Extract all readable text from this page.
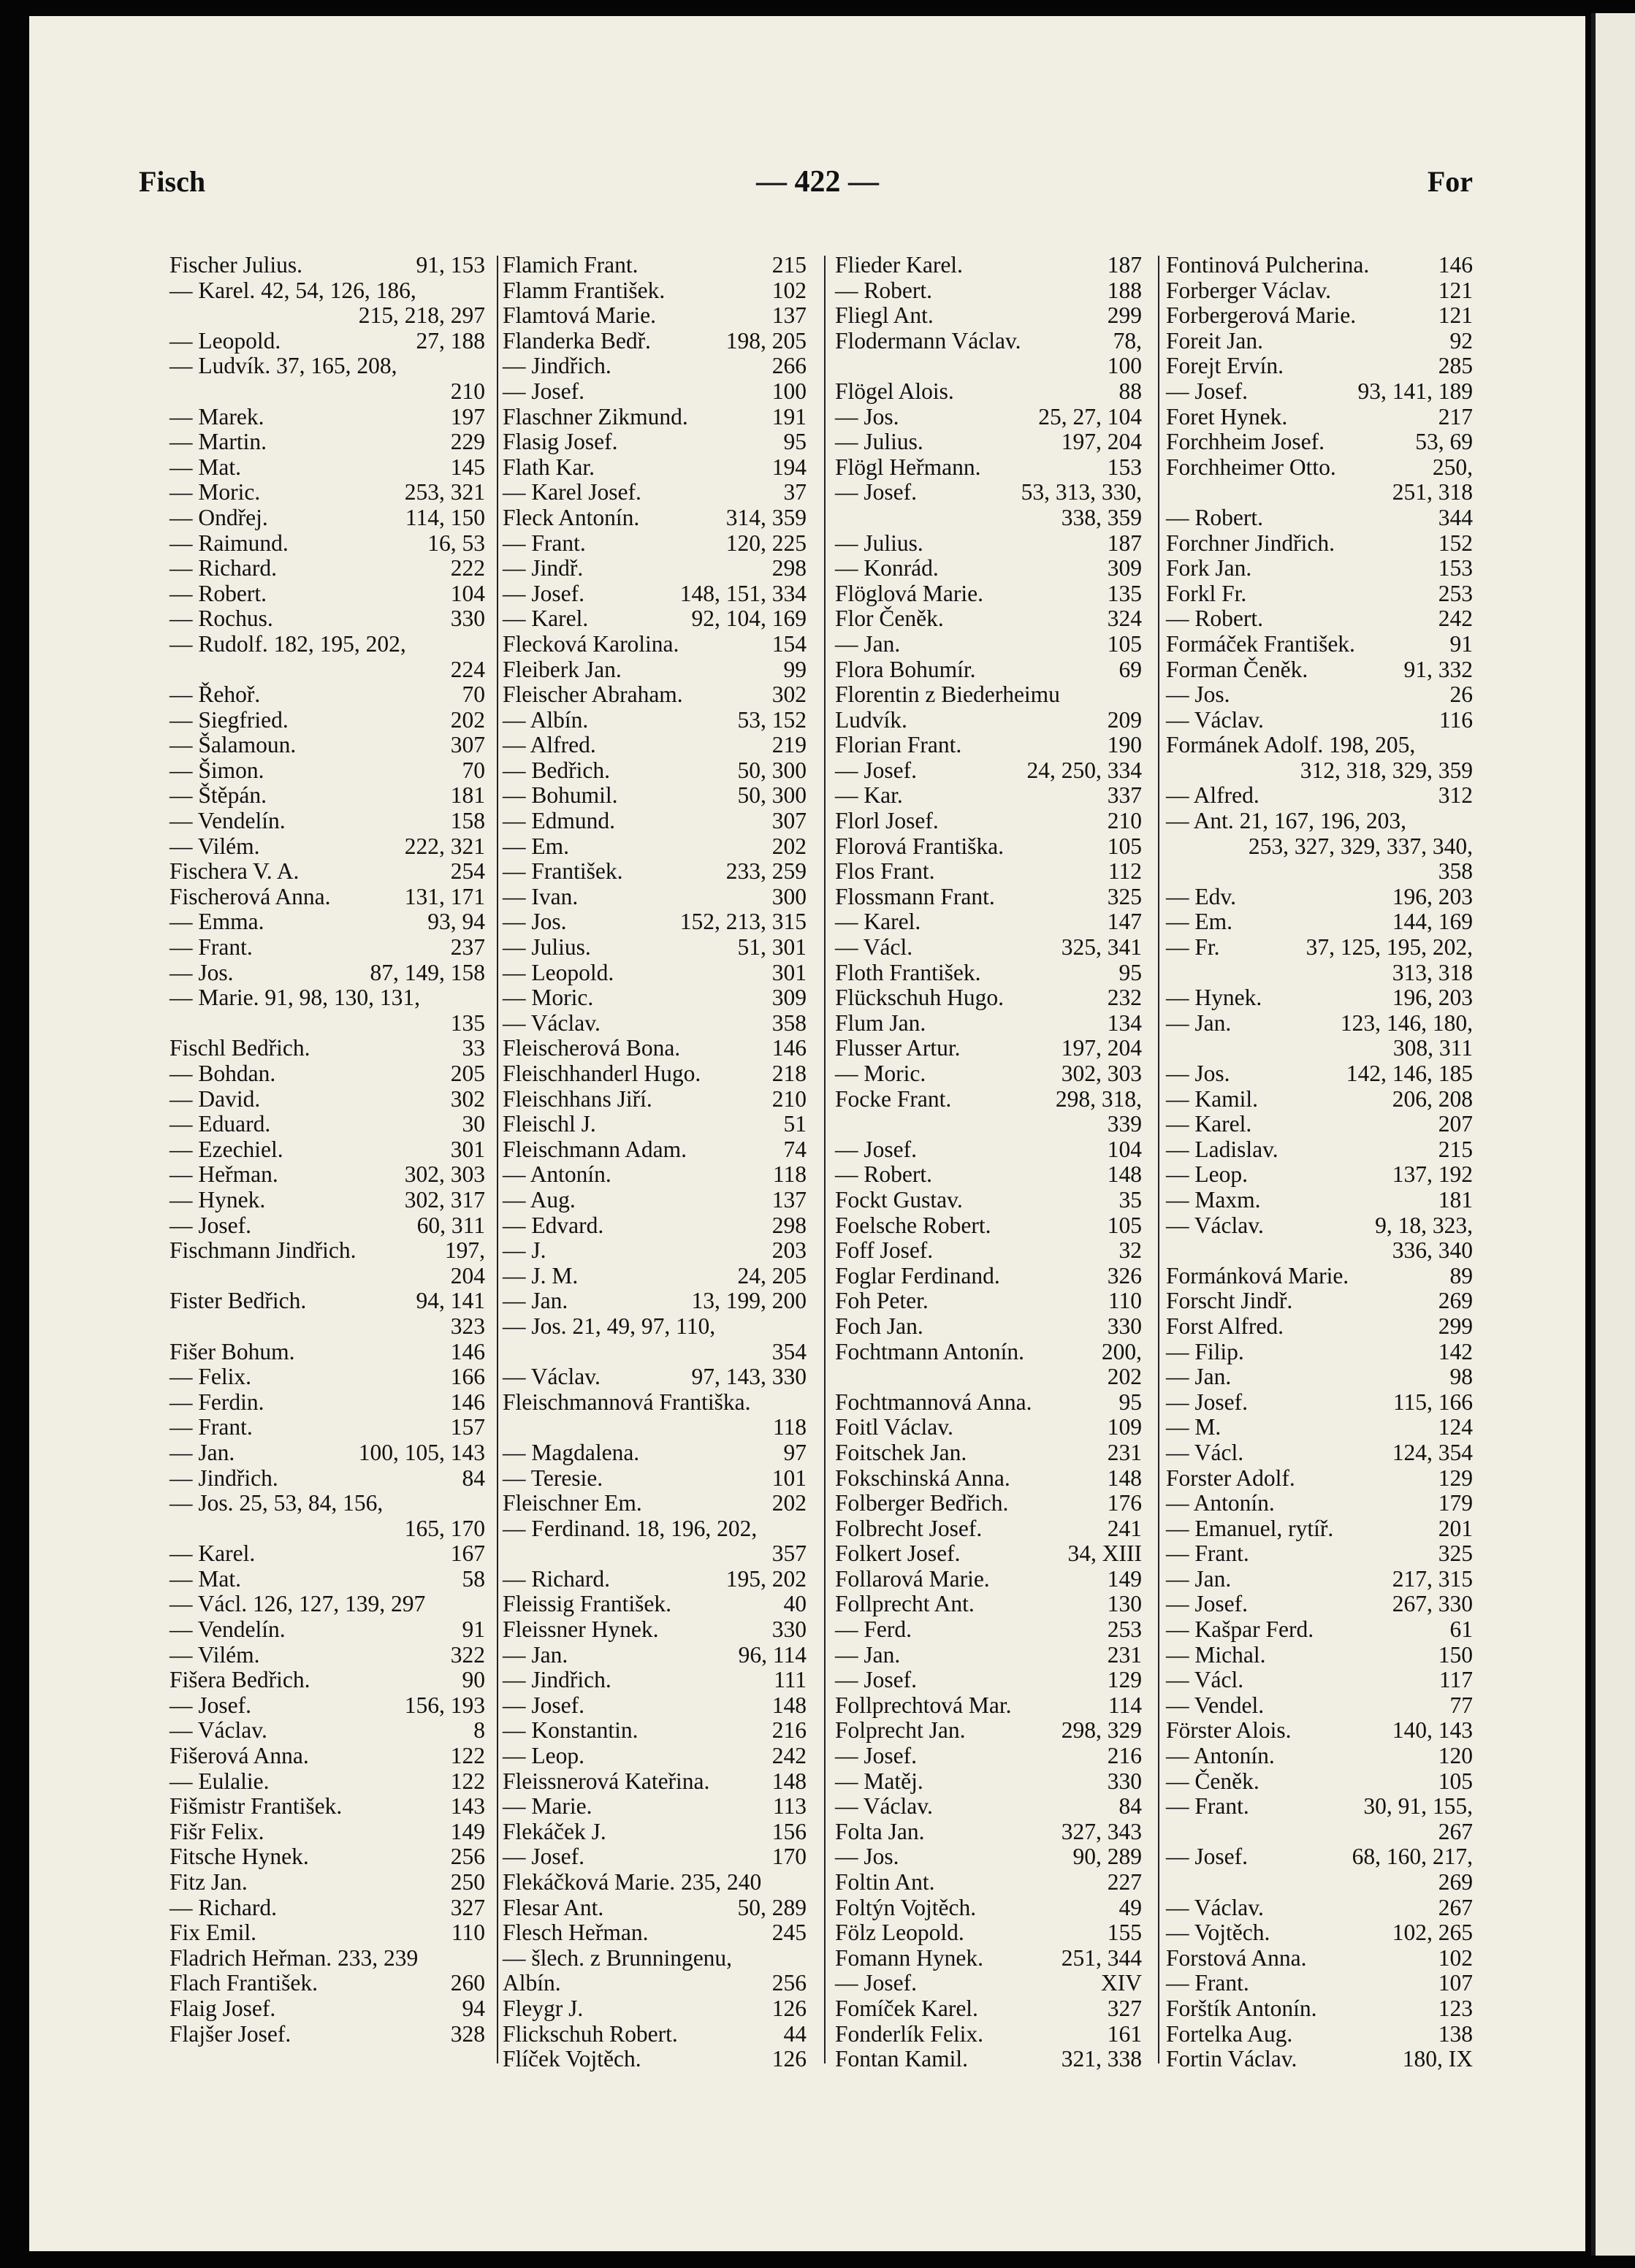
Fisch	— 422 —	For
Fischer Julius.	91, 153
— Karel. 42, 54, 126, 186,
215, 218, 297
— Leopold.	27, 188
— Ludvík. 37, 165, 208,
210
— Marek.	197
— Martin.	229
— Mat.	145
— Moric.	253, 321
— Ondřej.	114, 150
— Raimund.	16, 53
— Richard.	222
— Robert.	104
— Rochus.	330
— Rudolf. 182, 195, 202,
224
— Řehoř.	70
— Siegfried.	202
— Šalamoun.	307
— Šimon.	70
— Štěpán.	181
— Vendelín.	158
— Vilém.	222, 321
Fischera V. A.	254
Fischerová Anna.	131, 171
— Emma.	93, 94
— Frant.	237
— Jos.	87, 149, 158
— Marie. 91, 98, 130, 131,
135
Fischl Bedřich.	33
— Bohdan.	205
— David.	302
— Eduard.	30
— Ezechiel.	301
— Heřman.	302, 303
— Hynek.	302, 317
— Josef.	60, 311
Fischmann Jindřich.	197,
204
Fister Bedřich.	94, 141
323
Fišer Bohum.	146
— Felix.	166
— Ferdin.	146
— Frant.	157
— Jan.	100, 105, 143
— Jindřich.	84
— Jos. 25, 53, 84, 156,
165, 170
— Karel.	167
— Mat.	58
— Václ. 126, 127, 139, 297
— Vendelín.	91
— Vilém.	322
Fišera Bedřich.	90
— Josef.	156, 193
— Václav.	8
Fišerová Anna.	122
— Eulalie.	122
Fišmistr František.	143
Fišr Felix.	149
Fitsche Hynek.	256
Fitz Jan.	250
— Richard.	327
Fix Emil.	110
Fladrich Heřman. 233, 239
Flach František.	260
Flaig Josef.	94
Flajšer Josef.	328
Flamich Frant.	215
Flamm František.	102
Flamtová Marie.	137
Flanderka Bedř.	198, 205
— Jindřich.	266
— Josef.	100
Flaschner Zikmund.	191
Flasig Josef.	95
Flath Kar.	194
— Karel Josef.	37
Fleck Antonín.	314, 359
— Frant.	120, 225
— Jindř.	298
— Josef.	148, 151, 334
— Karel.	92, 104, 169
Flecková Karolina.	154
Fleiberk Jan.	99
Fleischer Abraham.	302
— Albín.	53, 152
— Alfred.	219
— Bedřich.	50, 300
— Bohumil.	50, 300
— Edmund.	307
— Em.	202
— František.	233, 259
— Ivan.	300
— Jos.	152, 213, 315
— Julius.	51, 301
— Leopold.	301
— Moric.	309
— Václav.	358
Fleischerová Bona.	146
Fleischhanderl Hugo.	218
Fleischhans Jiří.	210
Fleischl J.	51
Fleischmann Adam.	74
— Antonín.	118
— Aug.	137
— Edvard.	298
— J.	203
— J. M.	24, 205
— Jan.	13, 199, 200
— Jos. 21, 49, 97, 110,
354
— Václav.	97, 143, 330
Fleischmannová Františka.
118
— Magdalena.	97
— Teresie.	101
Fleischner Em.	202
— Ferdinand. 18, 196, 202,
357
— Richard.	195, 202
Fleissig František.	40
Fleissner Hynek.	330
— Jan.	96, 114
— Jindřich.	111
— Josef.	148
— Konstantin.	216
— Leop.	242
Fleissnerová Kateřina.	148
— Marie.	113
Flekáček J.	156
— Josef.	170
Flekáčková Marie. 235, 240
Flesar Ant.	50, 289
Flesch Heřman.	245
— šlech. z Brunningenu,
Albín.	256
Fleygr J.	126
Flickschuh Robert.	44
Flíček Vojtěch.	126
Flieder Karel.	187
— Robert.	188
Fliegl Ant.	299
Flodermann Václav.	78,
100
Flögel Alois.	88
— Jos.	25, 27, 104
— Julius.	197, 204
Flögl Heřmann.	153
— Josef.	53, 313, 330,
338, 359
— Julius.	187
— Konrád.	309
Flöglová Marie.	135
Flor Čeněk.	324
— Jan.	105
Flora Bohumír.	69
Florentin z Biederheimu
Ludvík.	209
Florian Frant.	190
— Josef.	24, 250, 334
— Kar.	337
Florl Josef.	210
Florová Františka.	105
Flos Frant.	112
Flossmann Frant.	325
— Karel.	147
— Václ.	325, 341
Floth František.	95
Flückschuh Hugo.	232
Flum Jan.	134
Flusser Artur.	197, 204
— Moric.	302, 303
Focke Frant.	298, 318,
339
— Josef.	104
— Robert.	148
Fockt Gustav.	35
Foelsche Robert.	105
Foff Josef.	32
Foglar Ferdinand.	326
Foh Peter.	110
Foch Jan.	330
Fochtmann Antonín.	200,
202
Fochtmannová Anna.	95
Foitl Václav.	109
Foitschek Jan.	231
Fokschinská Anna.	148
Folberger Bedřich.	176
Folbrecht Josef.	241
Folkert Josef.	34, XIII
Follarová Marie.	149
Follprecht Ant.	130
— Ferd.	253
— Jan.	231
— Josef.	129
Follprechtová Mar.	114
Folprecht Jan.	298, 329
— Josef.	216
— Matěj.	330
— Václav.	84
Folta Jan.	327, 343
— Jos.	90, 289
Foltin Ant.	227
Foltýn Vojtěch.	49
Fölz Leopold.	155
Fomann Hynek.	251, 344
— Josef.	XIV
Fomíček Karel.	327
Fonderlík Felix.	161
Fontan Kamil.	321, 338
Fontinová Pulcherina.	146
Forberger Václav.	121
Forbergerová Marie.	121
Foreit Jan.	92
Forejt Ervín.	285
— Josef.	93, 141, 189
Foret Hynek.	217
Forchheim Josef.	53, 69
Forchheimer Otto.	250,
251, 318
— Robert.	344
Forchner Jindřich.	152
Fork Jan.	153
Forkl Fr.	253
— Robert.	242
Formáček František.	91
Forman Čeněk.	91, 332
— Jos.	26
— Václav.	116
Formánek Adolf. 198, 205,
312, 318, 329, 359
— Alfred.	312
— Ant. 21, 167, 196, 203,
253, 327, 329, 337, 340,
358
— Edv.	196, 203
— Em.	144, 169
— Fr.	37, 125, 195, 202,
313, 318
— Hynek.	196, 203
— Jan.	123, 146, 180,
308, 311
— Jos.	142, 146, 185
— Kamil.	206, 208
— Karel.	207
— Ladislav.	215
— Leop.	137, 192
— Maxm.	181
— Václav.	9, 18, 323,
336, 340
Formánková Marie.	89
Forscht Jindř.	269
Forst Alfred.	299
— Filip.	142
— Jan.	98
— Josef.	115, 166
— M.	124
— Václ.	124, 354
Forster Adolf.	129
— Antonín.	179
— Emanuel, rytíř.	201
— Frant.	325
— Jan.	217, 315
— Josef.	267, 330
— Kašpar Ferd.	61
— Michal.	150
— Václ.	117
— Vendel.	77
Förster Alois.	140, 143
— Antonín.	120
— Čeněk.	105
— Frant.	30, 91, 155,
267
— Josef.	68, 160, 217,
269
— Václav.	267
— Vojtěch.	102, 265
Forstová Anna.	102
— Frant.	107
Forštík Antonín.	123
Fortelka Aug.	138
Fortin Václav.	180, IX
